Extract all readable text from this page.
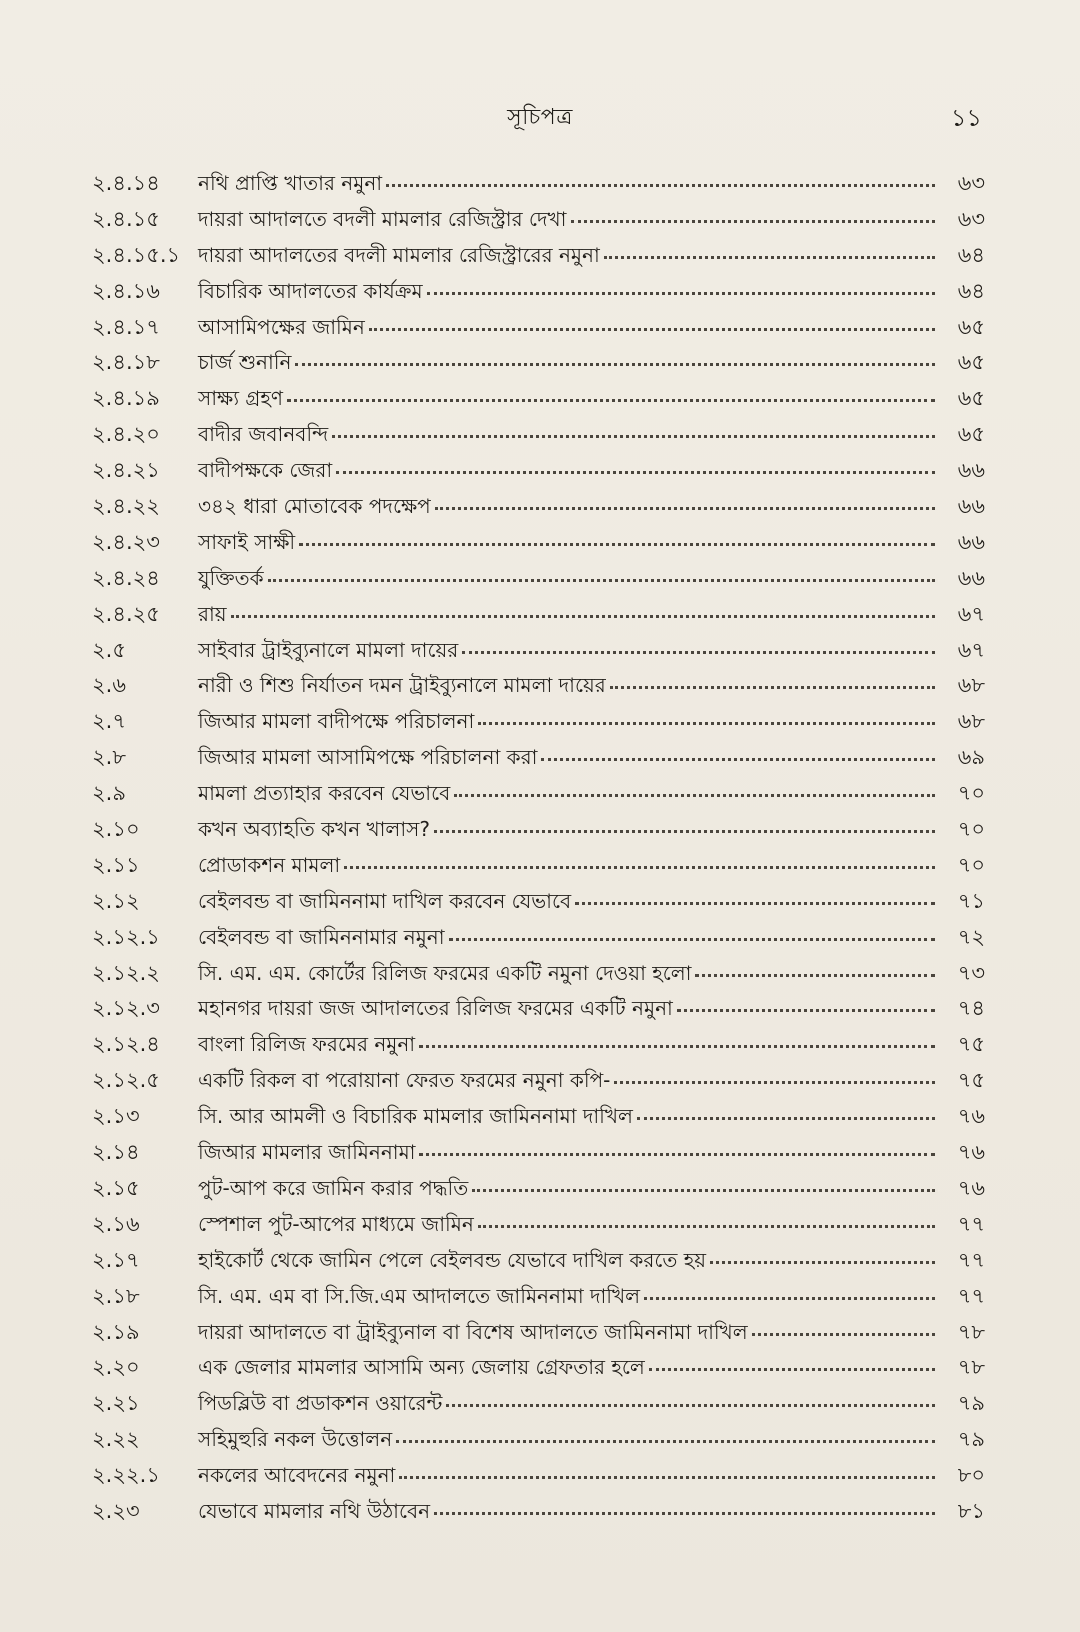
সূচিপত্র	১১
২.৪.১৪	নথি প্রাপ্তি খাতার নমুনা	৬৩
২.৪.১৫	দায়রা আদালতে বদলী মামলার রেজিস্ট্রার দেখা	৬৩
২.৪.১৫.১ দায়রা আদালতের বদলী মামলার রেজিস্ট্রারের নমুনা	৬৪
২.৪.১৬	বিচারিক আদালতের কার্যক্রম	৬৪
২.৪.১৭	আসামিপক্ষের জামিন	৬৫
২.৪.১৮	চার্জ শুনানি	৬৫
২.৪.১৯	সাক্ষ্য গ্রহণ	৬৫
২.৪.২০	বাদীর জবানবন্দি	৬৫
২.৪.২১	বাদীপক্ষকে জেরা	৬৬
২.৪.২২	৩৪২ ধারা মোতাবেক পদক্ষেপ	৬৬
২.৪.২৩	সাফাই সাক্ষী	৬৬
২.৪.২৪	যুক্তিতর্ক	৬৬
২.৪.২৫	রায়	৬৭
২.৫	সাইবার ট্রাইব্যুনালে মামলা দায়ের	৬৭
২.৬	নারী ও শিশু নির্যাতন দমন ট্রাইব্যুনালে মামলা দায়ের	৬৮
২.৭	জিআর মামলা বাদীপক্ষে পরিচালনা	৬৮
২.৮	জিআর মামলা আসামিপক্ষে পরিচালনা করা	৬৯
২.৯	মামলা প্রত্যাহার করবেন যেভাবে	৭০
২.১০	কখন অব্যাহতি কখন খালাস?	৭০
২.১১	প্রোডাকশন মামলা	৭০
২.১২	বেইলবন্ড বা জামিননামা দাখিল করবেন যেভাবে	৭১
২.১২.১	বেইলবন্ড বা জামিননামার নমুনা	৭২
২.১২.২	সি. এম. এম. কোর্টের রিলিজ ফরমের একটি নমুনা দেওয়া হলো	৭৩
২.১২.৩	মহানগর দায়রা জজ আদালতের রিলিজ ফরমের একটি নমুনা	৭৪
২.১২.৪	বাংলা রিলিজ ফরমের নমুনা	৭৫
২.১২.৫	একটি রিকল বা পরোয়ানা ফেরত ফরমের নমুনা কপি-	৭৫
২.১৩	সি. আর আমলী ও বিচারিক মামলার জামিননামা দাখিল	৭৬
২.১৪	জিআর মামলার জামিননামা	৭৬
২.১৫	পুট-আপ করে জামিন করার পদ্ধতি	৭৬
২.১৬	স্পেশাল পুট-আপের মাধ্যমে জামিন	৭৭
২.১৭	হাইকোর্ট থেকে জামিন পেলে বেইলবন্ড যেভাবে দাখিল করতে হয়	৭৭
২.১৮	সি. এম. এম বা সি.জি.এম আদালতে জামিননামা দাখিল	৭৭
২.১৯	দায়রা আদালতে বা ট্রাইব্যুনাল বা বিশেষ আদালতে জামিননামা দাখিল	৭৮
২.২০	এক জেলার মামলার আসামি অন্য জেলায় গ্রেফতার হলে	৭৮
২.২১	পিডব্লিউ বা প্রডাকশন ওয়ারেন্ট	৭৯
২.২২	সহিমুহুরি নকল উত্তোলন	৭৯
২.২২.১	নকলের আবেদনের নমুনা	৮০
২.২৩	যেভাবে মামলার নথি উঠাবেন	৮১
